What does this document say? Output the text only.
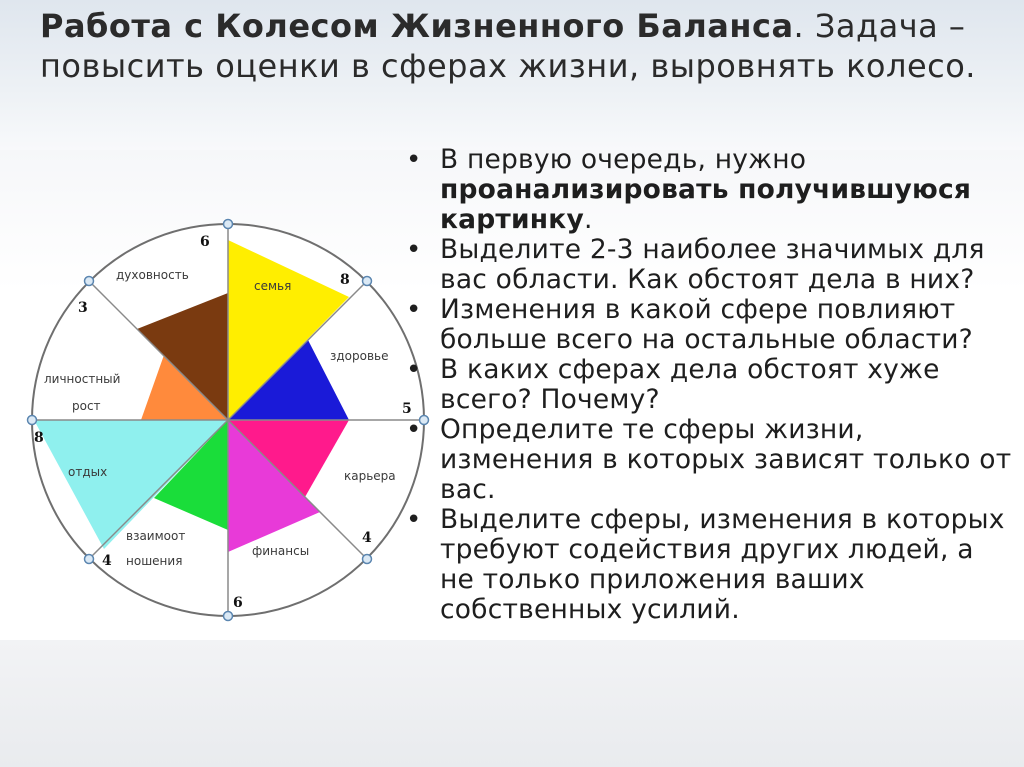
Работа с Колесом Жизненного Баланса. Задача – повысить оценки в сферах жизни, выровнять колесо.
духовность
семья
здоровье
личностный
рост
карьера
отдых
финансы
взаимоот
ношения
6
8
3
5
8
4
4
6
• В первую очередь, нужно проанализировать получившуюся картинку.
• Выделите 2-3 наиболее значимых для вас области. Как обстоят дела в них?
• Изменения в какой сфере повлияют больше всего на остальные области?
• В каких сферах дела обстоят хуже всего? Почему?
• Определите те сферы жизни, изменения в которых зависят только от вас.
• Выделите сферы, изменения в которых требуют содействия других людей, а не только приложения ваших собственных усилий.
